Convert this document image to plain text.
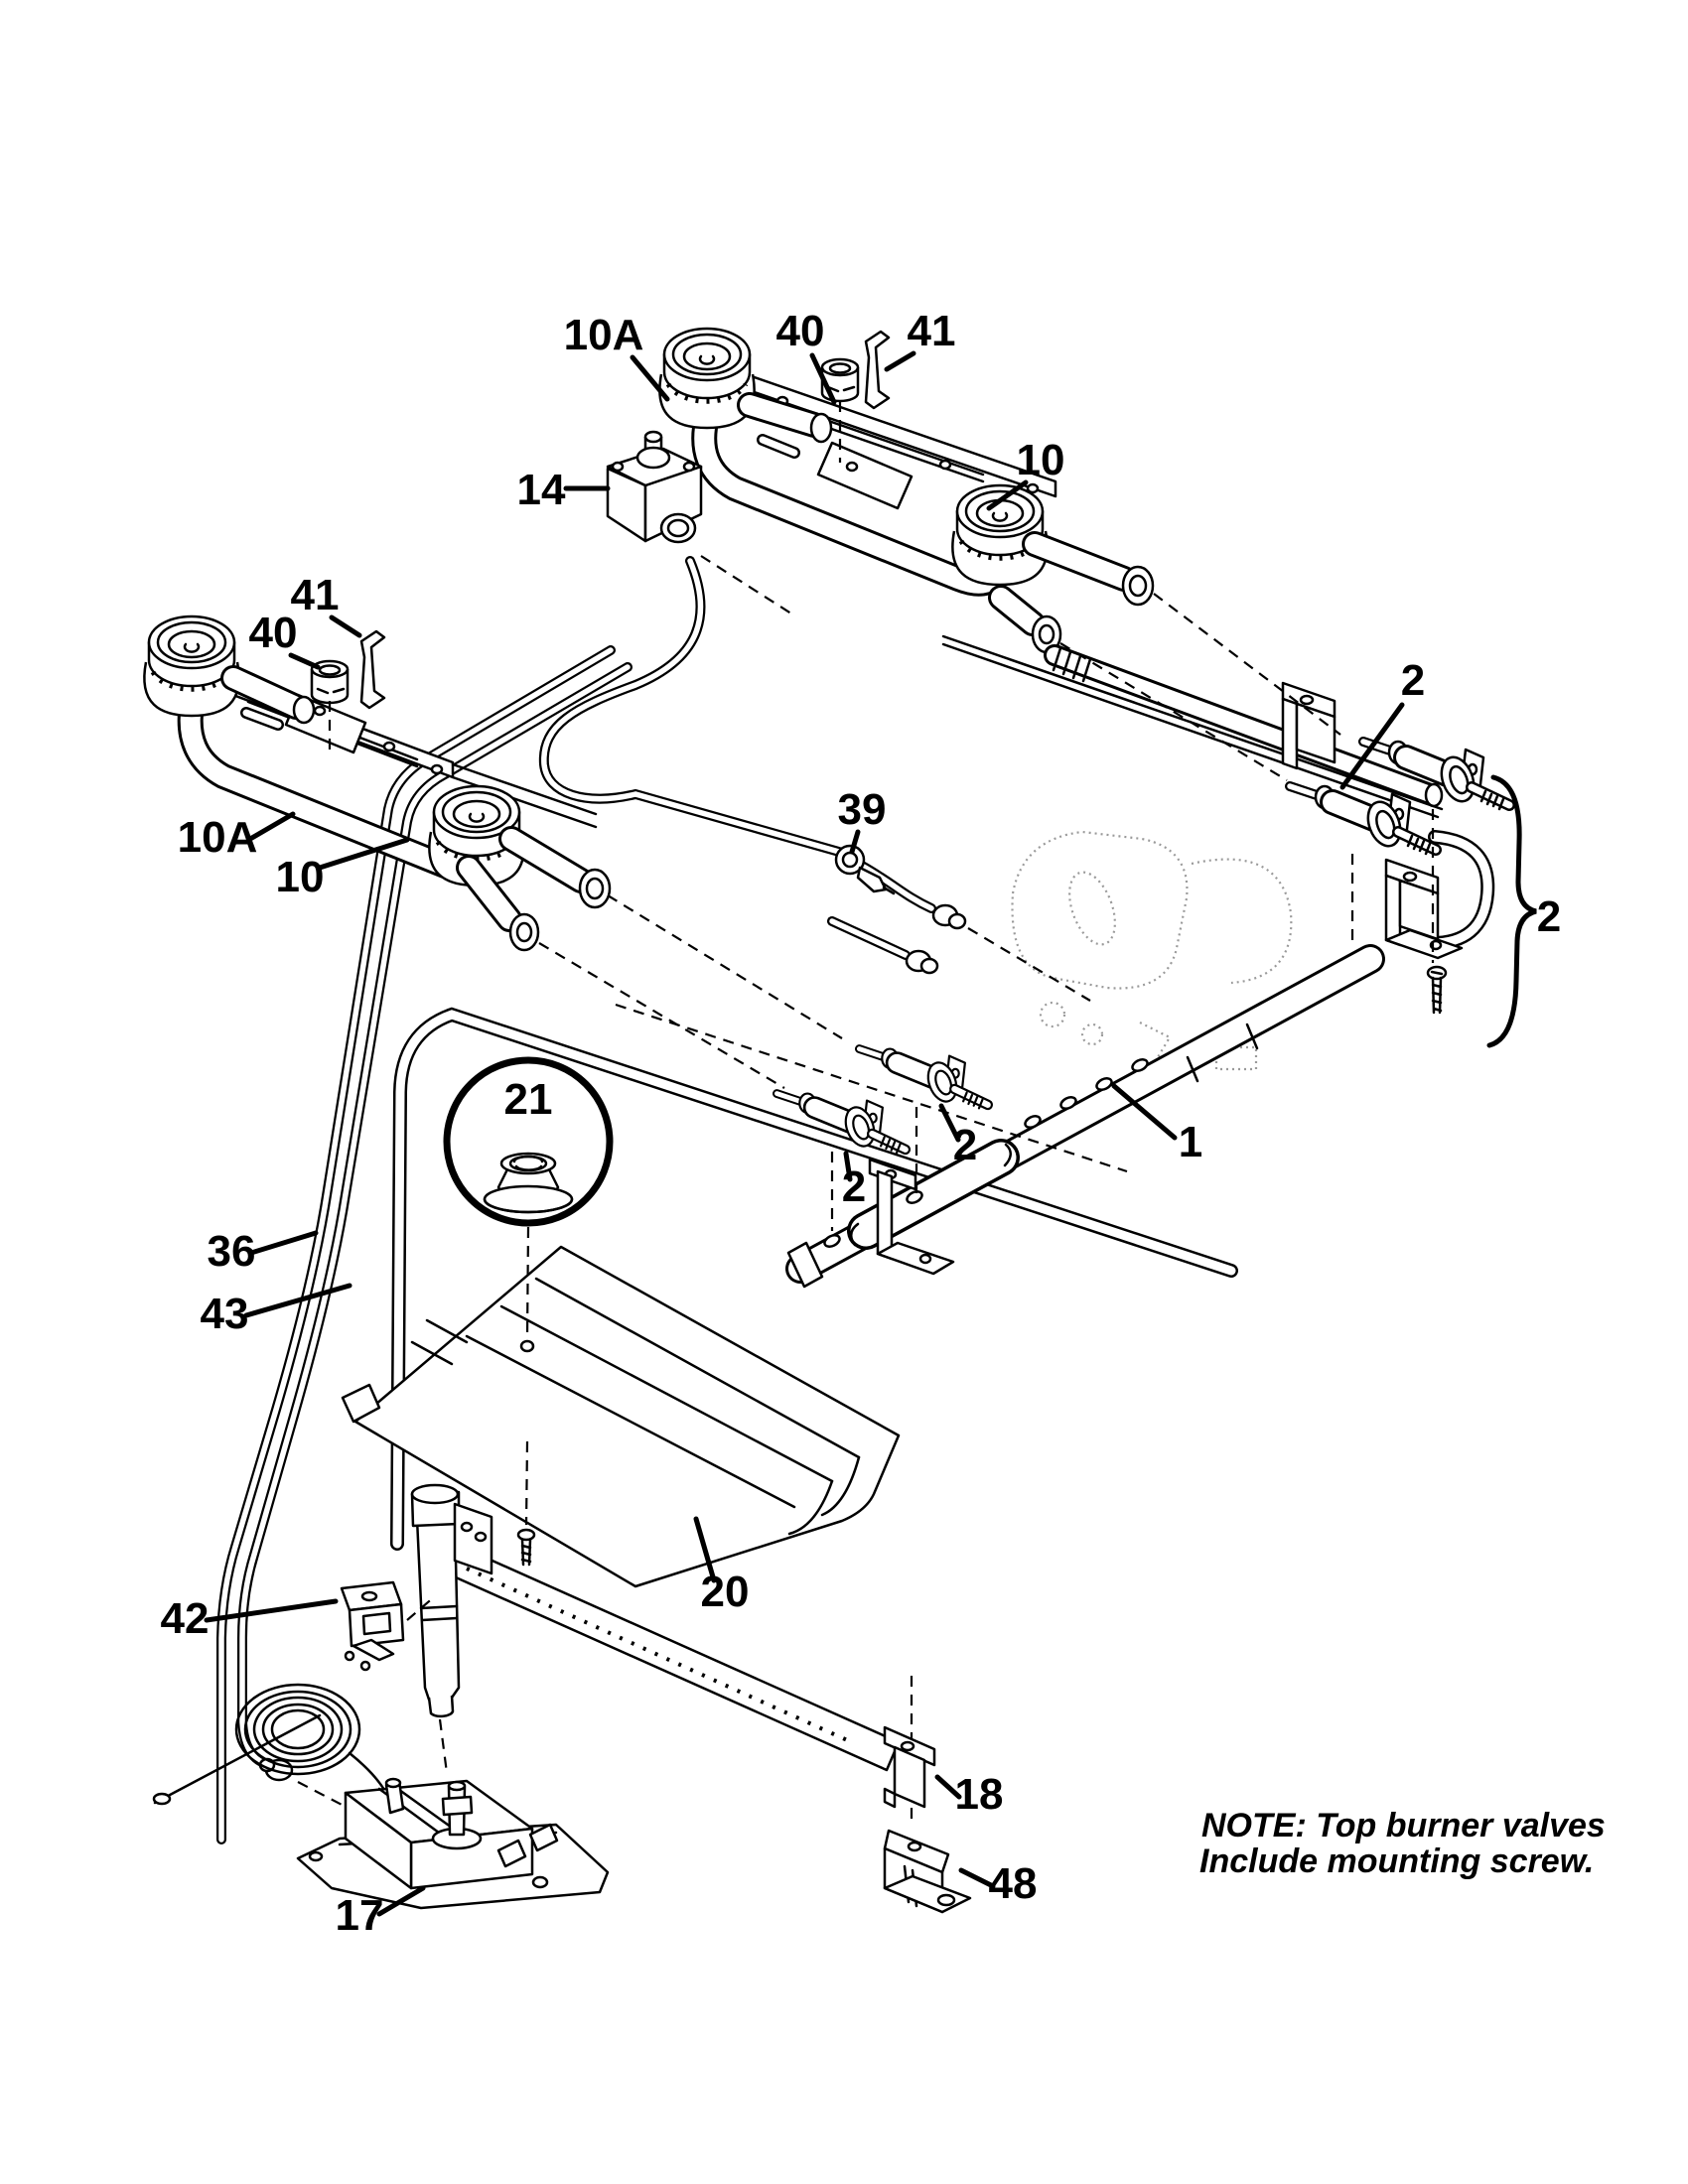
10A	40 41
14
10
41
40
10A
10
39
2
2
2
2
21
1
36
43
42
20
18
48
17
NOTE: Top burner valves
Include mounting screw.
